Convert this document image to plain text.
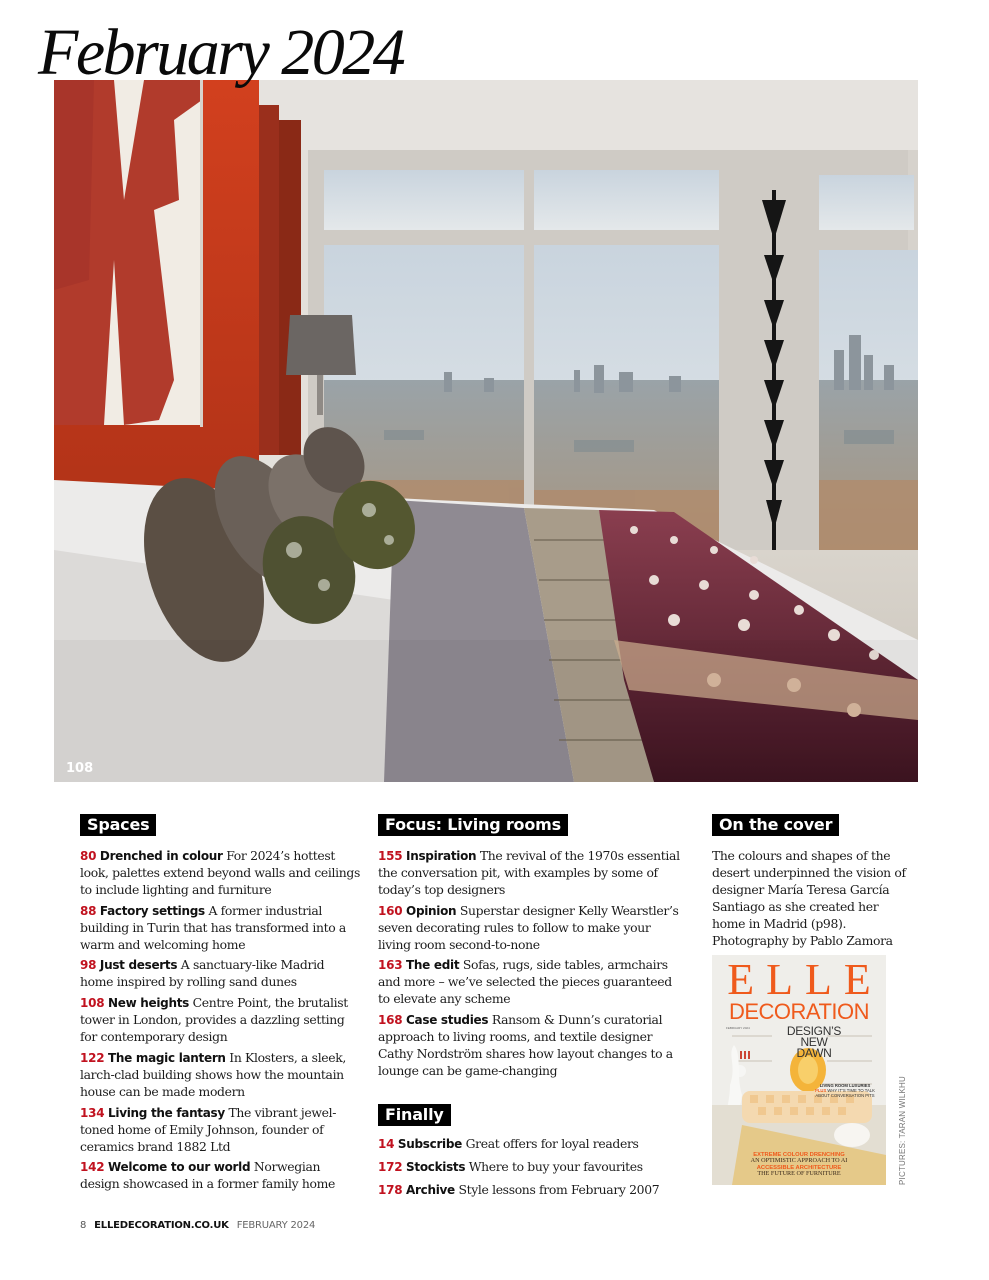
February 2024
108
Spaces
80 Drenched in colour For 2024’s hottest look, palettes extend beyond walls and ceilings to include lighting and furniture
88 Factory settings A former industrial building in Turin that has transformed into a warm and welcoming home
98 Just deserts A sanctuary-like Madrid home inspired by rolling sand dunes
108 New heights Centre Point, the brutalist tower in London, provides a dazzling setting for contemporary design
122 The magic lantern In Klosters, a sleek, larch-clad building shows how the mountain house can be made modern
134 Living the fantasy The vibrant jewel-toned home of Emily Johnson, founder of ceramics brand 1882 Ltd
142 Welcome to our world Norwegian design showcased in a former family home
Focus: Living rooms
155 Inspiration The revival of the 1970s essential the conversation pit, with examples by some of today’s top designers
160 Opinion Superstar designer Kelly Wearstler’s seven decorating rules to follow to make your living room second-to-none
163 The edit Sofas, rugs, side tables, armchairs and more – we’ve selected the pieces guaranteed to elevate any scheme
168 Case studies Ransom & Dunn’s curatorial approach to living rooms, and textile designer Cathy Nordström shares how layout changes to a lounge can be game-changing
Finally
14 Subscribe Great offers for loyal readers
172 Stockists Where to buy your favourites
178 Archive Style lessons from February 2007
On the cover

The colours and shapes of the desert underpinned the vision of designer María Teresa García Santiago as she created her home in Madrid (p98). Photography by Pablo Zamora

ELLE
DECORATION
FEBRUARY 2024	DESIGN’S
NEW
DAWN
LIVING ROOM LUXURIES
PLUS WHY IT’S TIME TO TALK ABOUT CONVERSATION PITS
EXTREME COLOUR DRENCHING
AN OPTIMISTIC APPROACH TO AI
ACCESSIBLE ARCHITECTURE
THE FUTURE OF FURNITURE	PICTURES: TARAN WILKHU
8 ELLEDECORATION.CO.UK FEBRUARY 2024
